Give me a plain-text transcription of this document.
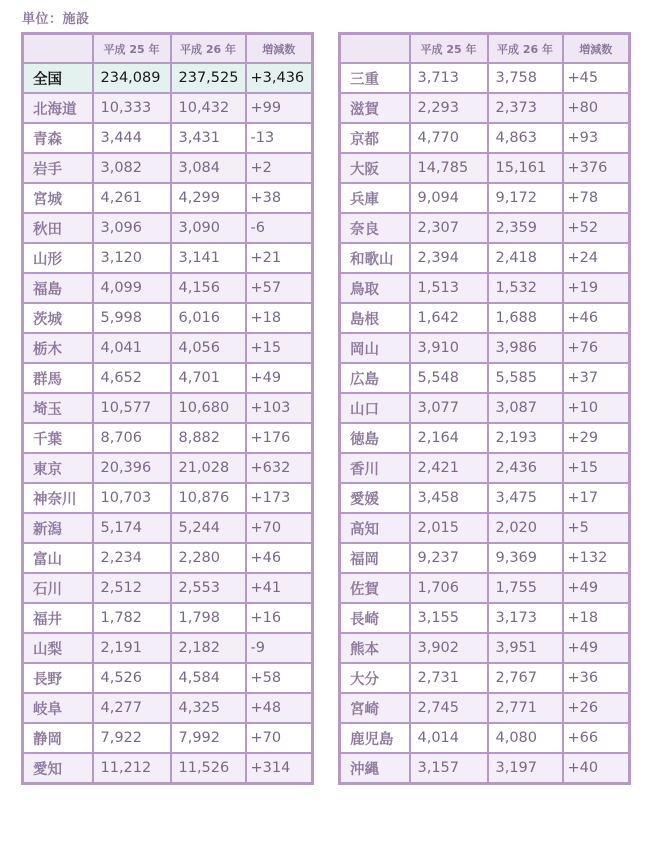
単位：施設
	平成 25 年	平成 26 年	増減数
全国	234,089	237,525	+3,436
北海道	10,333	10,432	+99
青森	3,444	3,431	-13
岩手	3,082	3,084	+2
宮城	4,261	4,299	+38
秋田	3,096	3,090	-6
山形	3,120	3,141	+21
福島	4,099	4,156	+57
茨城	5,998	6,016	+18
栃木	4,041	4,056	+15
群馬	4,652	4,701	+49
埼玉	10,577	10,680	+103
千葉	8,706	8,882	+176
東京	20,396	21,028	+632
神奈川	10,703	10,876	+173
新潟	5,174	5,244	+70
富山	2,234	2,280	+46
石川	2,512	2,553	+41
福井	1,782	1,798	+16
山梨	2,191	2,182	-9
長野	4,526	4,584	+58
岐阜	4,277	4,325	+48
静岡	7,922	7,992	+70
愛知	11,212	11,526	+314
	平成 25 年	平成 26 年	増減数
三重	3,713	3,758	+45
滋賀	2,293	2,373	+80
京都	4,770	4,863	+93
大阪	14,785	15,161	+376
兵庫	9,094	9,172	+78
奈良	2,307	2,359	+52
和歌山	2,394	2,418	+24
鳥取	1,513	1,532	+19
島根	1,642	1,688	+46
岡山	3,910	3,986	+76
広島	5,548	5,585	+37
山口	3,077	3,087	+10
徳島	2,164	2,193	+29
香川	2,421	2,436	+15
愛媛	3,458	3,475	+17
高知	2,015	2,020	+5
福岡	9,237	9,369	+132
佐賀	1,706	1,755	+49
長崎	3,155	3,173	+18
熊本	3,902	3,951	+49
大分	2,731	2,767	+36
宮崎	2,745	2,771	+26
鹿児島	4,014	4,080	+66
沖縄	3,157	3,197	+40
